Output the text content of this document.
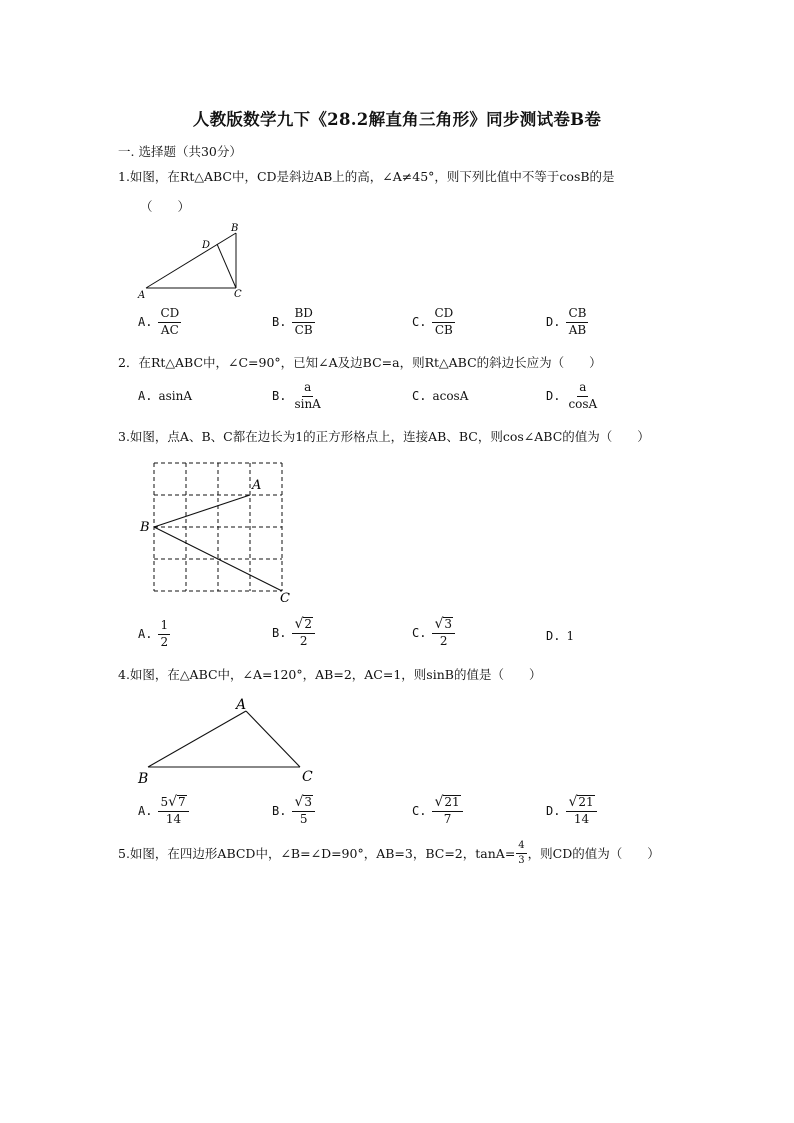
人教版数学九下《28.2解直角三角形》同步测试卷B卷
一. 选择题（共30分）
1.如图，在Rt△ABC中，CD是斜边AB上的高，∠A≠45°，则下列比值中不等于cosB的是
（　　）
A
B
C
D
A. $\frac{CD}{AC}$	B. $\frac{BD}{CB}$	C. $\frac{CD}{CB}$	D. $\frac{CB}{AB}$
2．在Rt△ABC中，∠C=90°，已知∠A及边BC=a，则Rt△ABC的斜边长应为（　　）
A. asinA	B. $\frac{a}{\sin A}$	C. acosA	D. $\frac{a}{\cos A}$
3.如图，点A、B、C都在边长为1的正方形格点上，连接AB、BC，则cos∠ABC的值为（　　）
A
B
C
A. $\frac{1}{2}$	B. $\frac{√ 2}{2}$	C. $\frac{√ 3}{2}$	D. 1
4.如图，在△ABC中，∠A=120°，AB=2，AC=1，则sinB的值是（　　）
A
B	C
A. $\frac{5 √ 7}{14}$	B. $\frac{√ 3}{5}$	C. $\frac{√ 21}{7}$	D. $\frac{√ 21}{14}$
5.如图，在四边形ABCD中，∠B=∠D=90°，AB=3，BC=2，$\tan A= \frac{4}{3}$ ，则CD的值为（　　）
